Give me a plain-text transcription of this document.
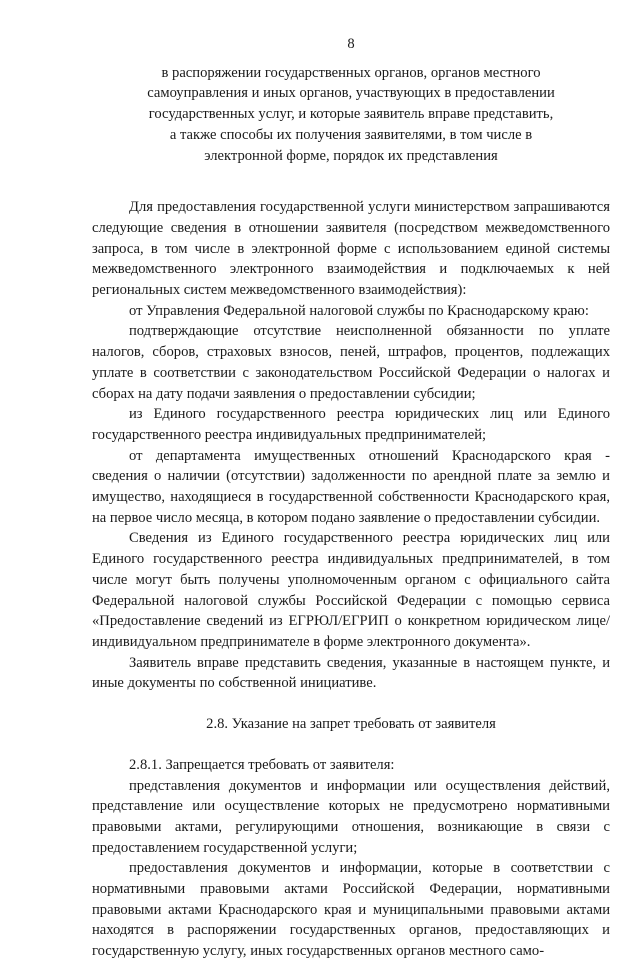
8
в распоряжении государственных органов, органов местного
самоуправления и иных органов, участвующих в предоставлении
государственных услуг, и которые заявитель вправе представить,
а также способы их получения заявителями, в том числе в
электронной форме, порядок их представления

Для предоставления государственной услуги министерством запрашиваются следующие сведения в отношении заявителя (посредством межведомственного запроса, в том числе в электронной форме с использованием единой системы межведомственного электронного взаимодействия и подключаемых к ней региональных систем межведомственного взаимодействия):

от Управления Федеральной налоговой службы по Краснодарскому краю:

подтверждающие отсутствие неисполненной обязанности по уплате налогов, сборов, страховых взносов, пеней, штрафов, процентов, подлежащих уплате в соответствии с законодательством Российской Федерации о налогах и сборах на дату подачи заявления о предоставлении субсидии;

из Единого государственного реестра юридических лиц или Единого государственного реестра индивидуальных предпринимателей;

от департамента имущественных отношений Краснодарского края - сведения о наличии (отсутствии) задолженности по арендной плате за землю и имущество, находящиеся в государственной собственности Краснодарского края, на первое число месяца, в котором подано заявление о предоставлении субсидии.

Сведения из Единого государственного реестра юридических лиц или Единого государственного реестра индивидуальных предпринимателей, в том числе могут быть получены уполномоченным органом с официального сайта Федеральной налоговой службы Российской Федерации с помощью сервиса «Предоставление сведений из ЕГРЮЛ/ЕГРИП о конкретном юридическом лице/индивидуальном предпринимателе в форме электронного документа».

Заявитель вправе представить сведения, указанные в настоящем пункте, и иные документы по собственной инициативе.

2.8. Указание на запрет требовать от заявителя

2.8.1. Запрещается требовать от заявителя:

представления документов и информации или осуществления действий, представление или осуществление которых не предусмотрено нормативными правовыми актами, регулирующими отношения, возникающие в связи с предоставлением государственной услуги;

предоставления документов и информации, которые в соответствии с нормативными правовыми актами Российской Федерации, нормативными правовыми актами Краснодарского края и муниципальными правовыми актами находятся в распоряжении государственных органов, предоставляющих и государственную услугу, иных государственных органов местного само-
